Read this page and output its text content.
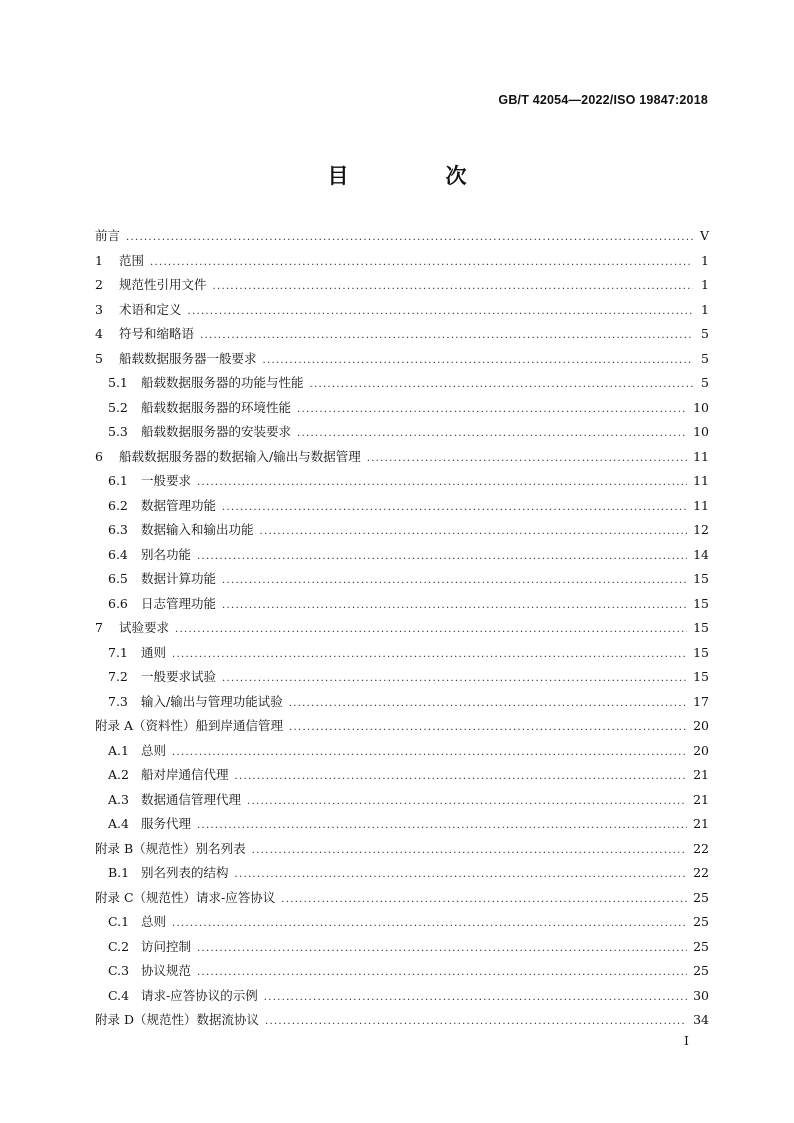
GB/T 42054—2022/ISO 19847:2018
目　次
前言 .....	V
1	范围 .....	1
2	规范性引用文件 .....	1
3	术语和定义 .....	1
4	符号和缩略语 .....	5
5	船载数据服务器一般要求 .....	5
5.1	船载数据服务器的功能与性能 .....	5
5.2	船载数据服务器的环境性能 .....	10
5.3	船载数据服务器的安装要求 .....	10
6	船载数据服务器的数据输入/输出与数据管理 .....	11
6.1	一般要求 .....	11
6.2	数据管理功能 .....	11
6.3	数据输入和输出功能 .....	12
6.4	别名功能 .....	14
6.5	数据计算功能 .....	15
6.6	日志管理功能 .....	15
7	试验要求 .....	15
7.1	通则 .....	15
7.2	一般要求试验 .....	15
7.3	输入/输出与管理功能试验 .....	17
附录 A（资料性）船到岸通信管理 .....	20
A.1 总则 .....	20
A.2 船对岸通信代理 .....	21
A.3 数据通信管理代理 .....	21
A.4 服务代理 .....	21
附录 B（规范性）别名列表 .....	22
B.1 别名列表的结构 .....	22
附录 C（规范性）请求-应答协议 .....	25
C.1 总则 .....	25
C.2 访问控制 .....	25
C.3 协议规范 .....	25
C.4 请求-应答协议的示例 .....	30
附录 D（规范性）数据流协议 .....	34
I
